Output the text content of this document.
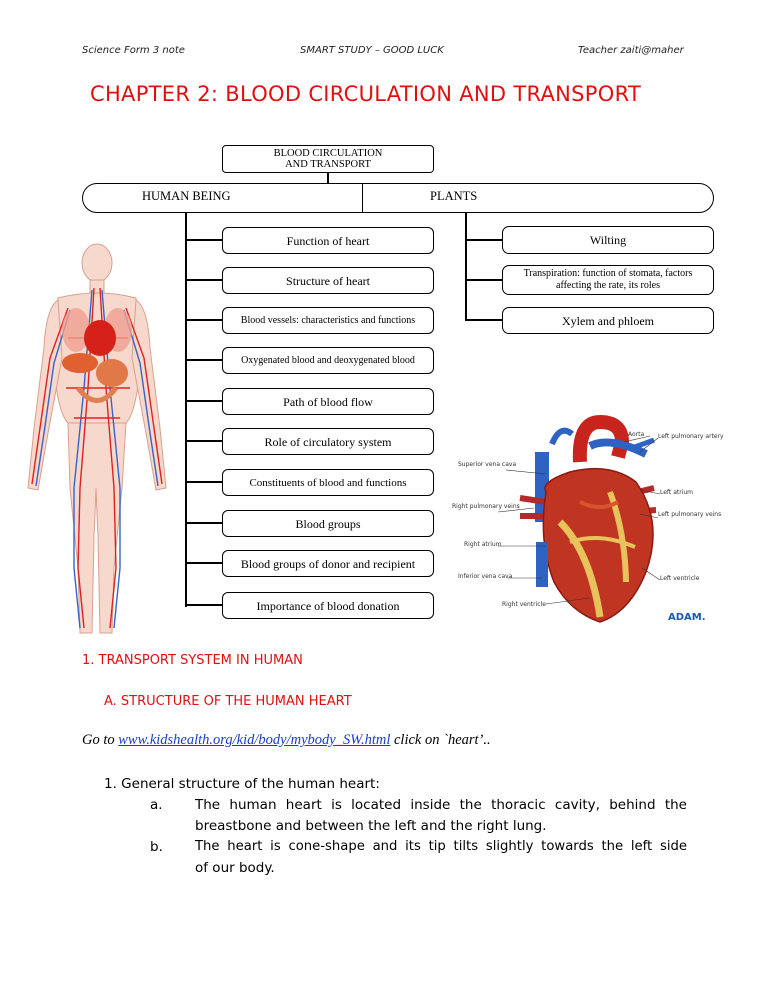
Science Form 3 note	SMART STUDY – GOOD LUCK	Teacher zaiti@maher
CHAPTER 2: BLOOD CIRCULATION AND TRANSPORT
BLOOD CIRCULATION AND TRANSPORT
HUMAN BEING	PLANTS
Function of heart
Structure of heart
Blood vessels: characteristics and functions
Oxygenated blood and deoxygenated blood
Path of blood flow
Role of circulatory system
Constituents of blood and functions
Blood groups
Blood groups of donor and recipient
Importance of blood donation
Wilting
Transpiration: function of stomata, factors affecting the rate, its roles
Xylem and phloem
Aorta
Superior vena cava
Left pulmonary artery
Left atrium
Right pulmonary veins
Left pulmonary veins
Right atrium
Inferior vena cava	Left ventricle
Right ventricle
ADAM.
1. TRANSPORT SYSTEM IN HUMAN
A. STRUCTURE OF THE HUMAN HEART
Go to www.kidshealth.org/kid/body/mybody_SW.html click on `heart’..
1. General structure of the human heart:
a. The human heart is located inside the thoracic cavity, behind the
breastbone and between the left and the right lung.
b. The heart is cone-shape and its tip tilts slightly towards the left side
of our body.
